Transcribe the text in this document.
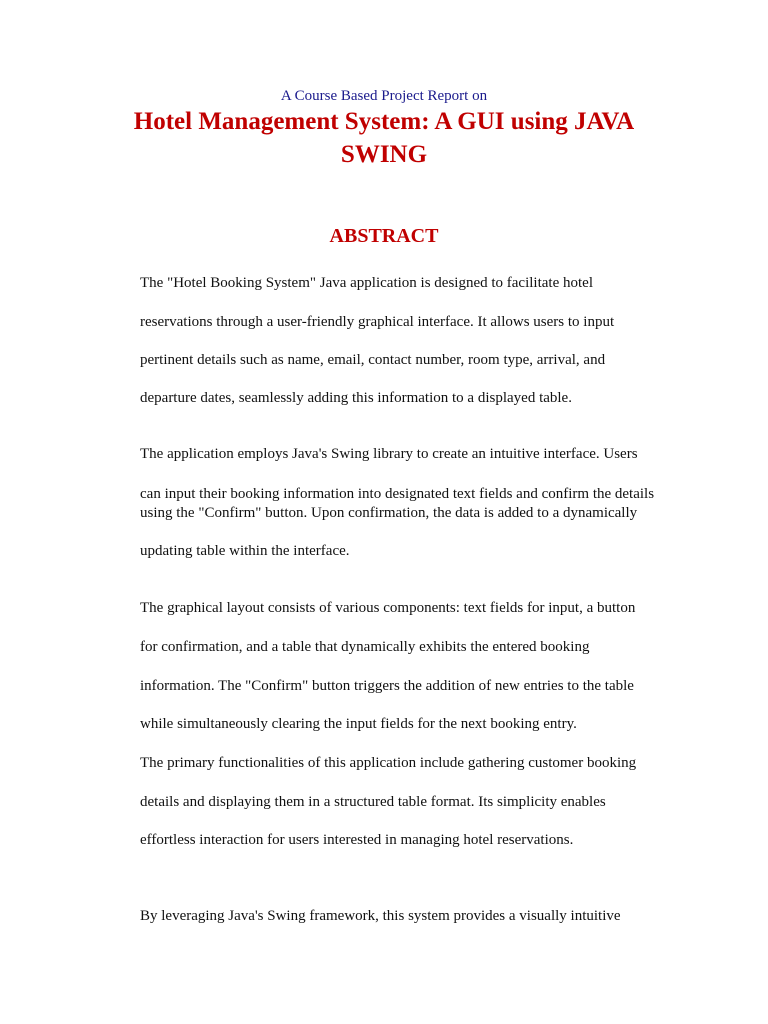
A Course Based Project Report on
Hotel Management System: A GUI using JAVA
SWING
ABSTRACT
The "Hotel Booking System" Java application is designed to facilitate hotel
reservations through a user-friendly graphical interface. It allows users to input
pertinent details such as name, email, contact number, room type, arrival, and
departure dates, seamlessly adding this information to a displayed table.
The application employs Java's Swing library to create an intuitive interface. Users
can input their booking information into designated text fields and confirm the details
using the "Confirm" button. Upon confirmation, the data is added to a dynamically
updating table within the interface.
The graphical layout consists of various components: text fields for input, a button
for confirmation, and a table that dynamically exhibits the entered booking
information. The "Confirm" button triggers the addition of new entries to the table
while simultaneously clearing the input fields for the next booking entry.
The primary functionalities of this application include gathering customer booking
details and displaying them in a structured table format. Its simplicity enables
effortless interaction for users interested in managing hotel reservations.
By leveraging Java's Swing framework, this system provides a visually intuitive
